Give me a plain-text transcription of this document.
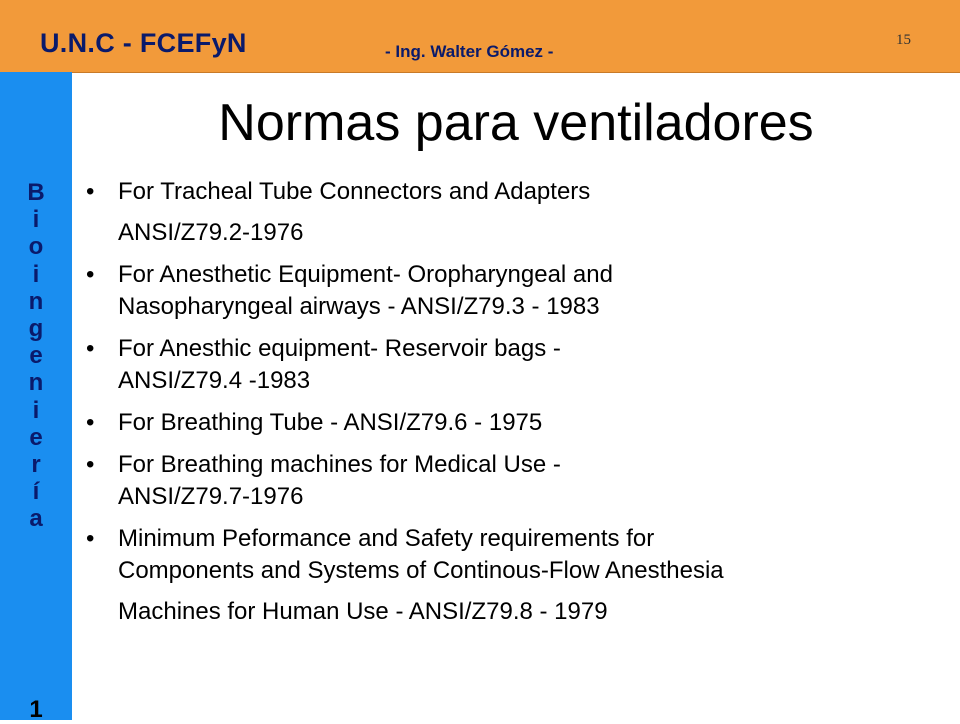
U.N.C - FCEFyN	- Ing. Walter Gómez -
15
B
i
o
i
n
g
e
n
i
e
r
í
a
1
Normas para ventiladores
• For Tracheal Tube Connectors and Adapters
ANSI/Z79.2-1976
• For Anesthetic Equipment- Oropharyngeal and
Nasopharyngeal airways - ANSI/Z79.3 - 1983
• For Anesthic equipment- Reservoir bags -
ANSI/Z79.4 -1983
• For Breathing Tube - ANSI/Z79.6 - 1975
• For Breathing machines for Medical Use -
ANSI/Z79.7-1976
• Minimum Peformance and Safety requirements for
Components and Systems of Continous-Flow Anesthesia
Machines for Human Use - ANSI/Z79.8 - 1979
